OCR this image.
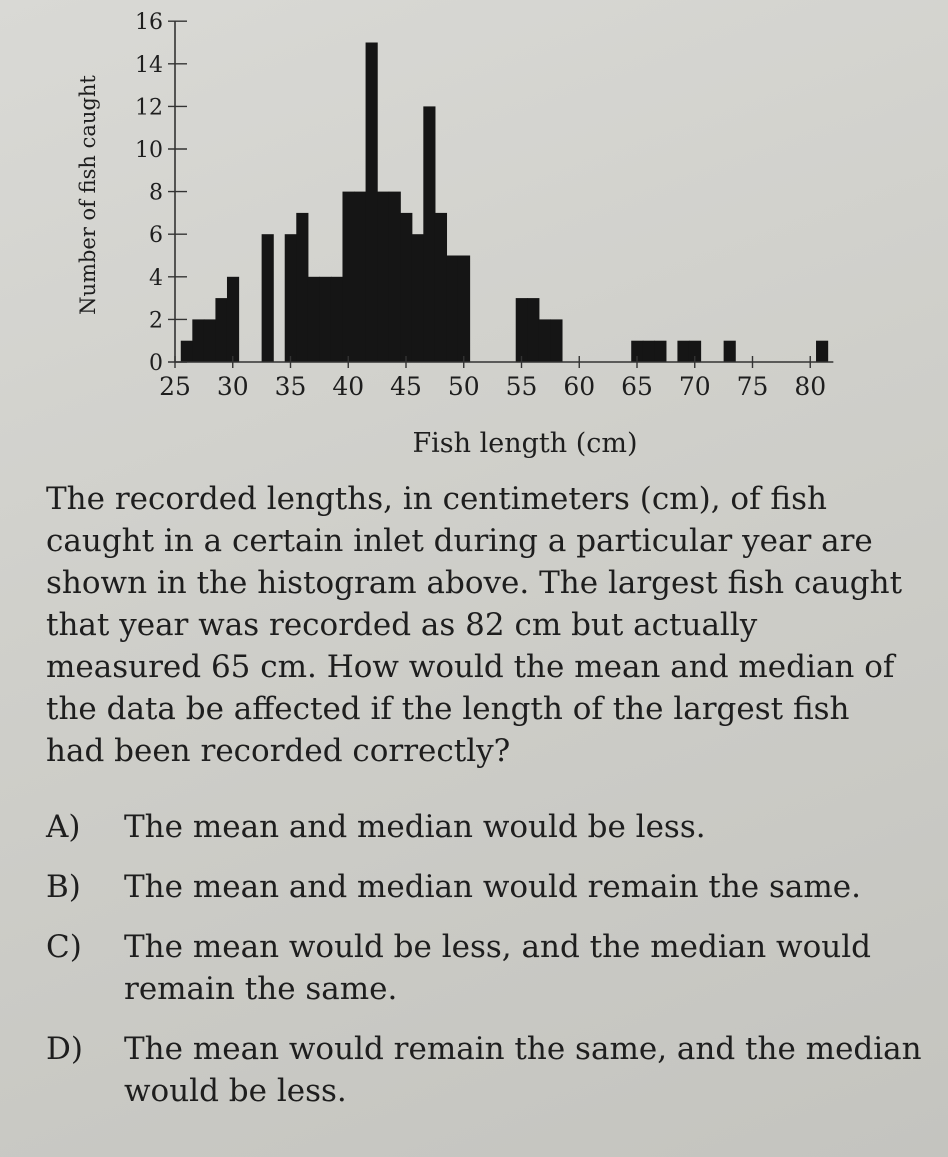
25 30 35 40 45 50 55 60 65 70 75 80
0
2
4
6
8
10
12
14
16
Fish length (cm)
Number of fish caught

The recorded lengths, in centimeters (cm), of fish caught in a certain inlet during a particular year are shown in the histogram above. The largest fish caught that year was recorded as 82 cm but actually measured 65 cm. How would the mean and median of the data be affected if the length of the largest fish had been recorded correctly?

A) The mean and median would be less.
B) The mean and median would remain the same.
C) The mean would be less, and the median would remain the same.
D) The mean would remain the same, and the median would be less.
